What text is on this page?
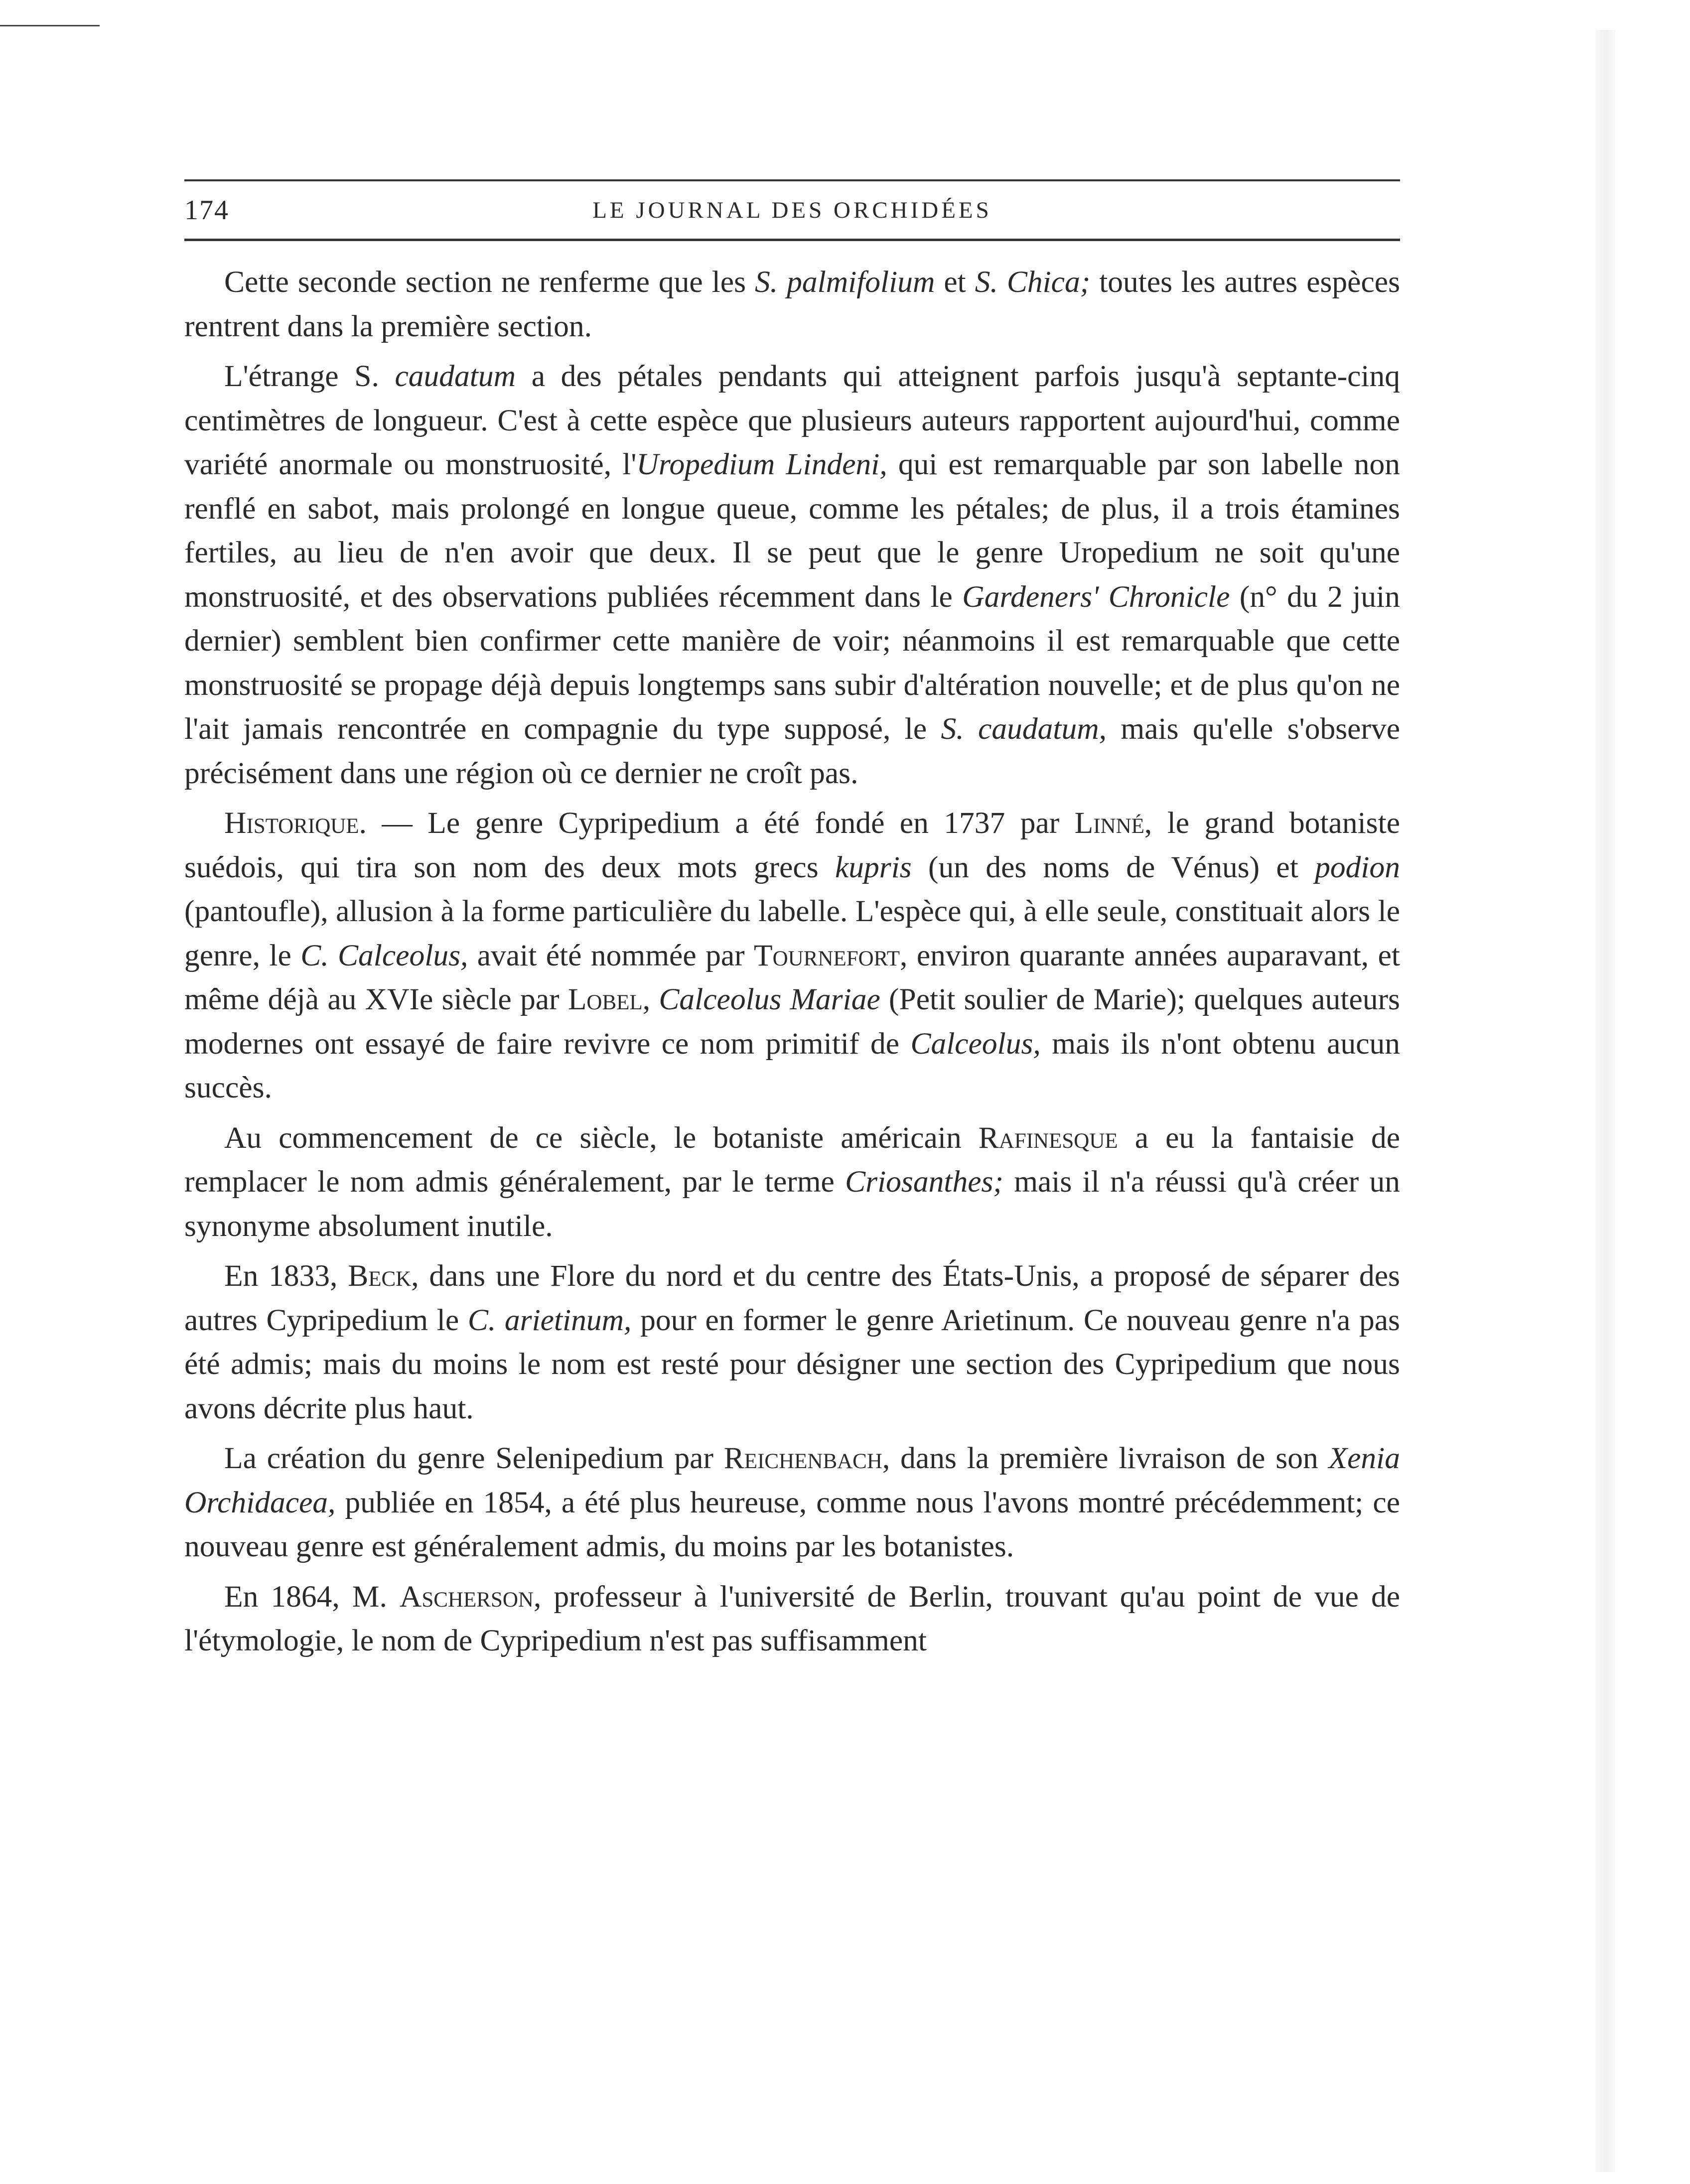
174	LE JOURNAL DES ORCHIDÉES

Cette seconde section ne renferme que les S. palmifolium et S. Chica; toutes les autres espèces rentrent dans la première section.

L'étrange S. caudatum a des pétales pendants qui atteignent parfois jusqu'à septante-cinq centimètres de longueur. C'est à cette espèce que plusieurs auteurs rapportent aujourd'hui, comme variété anormale ou monstruosité, l'Uropedium Lindeni, qui est remarquable par son labelle non renflé en sabot, mais prolongé en longue queue, comme les pétales; de plus, il a trois étamines fertiles, au lieu de n'en avoir que deux. Il se peut que le genre Uropedium ne soit qu'une monstruosité, et des observations publiées récemment dans le Gardeners' Chronicle (n° du 2 juin dernier) semblent bien confirmer cette manière de voir; néanmoins il est remarquable que cette monstruosité se propage déjà depuis longtemps sans subir d'altération nouvelle; et de plus qu'on ne l'ait jamais rencontrée en compagnie du type supposé, le S. caudatum, mais qu'elle s'observe précisément dans une région où ce dernier ne croît pas.

Historique. — Le genre Cypripedium a été fondé en 1737 par Linné, le grand botaniste suédois, qui tira son nom des deux mots grecs kupris (un des noms de Vénus) et podion (pantoufle), allusion à la forme particulière du labelle. L'espèce qui, à elle seule, constituait alors le genre, le C. Calceolus, avait été nommée par Tournefort, environ quarante années auparavant, et même déjà au XVIe siècle par Lobel, Calceolus Mariae (Petit soulier de Marie); quelques auteurs modernes ont essayé de faire revivre ce nom primitif de Calceolus, mais ils n'ont obtenu aucun succès.

Au commencement de ce siècle, le botaniste américain Rafinesque a eu la fantaisie de remplacer le nom admis généralement, par le terme Criosanthes; mais il n'a réussi qu'à créer un synonyme absolument inutile.

En 1833, Beck, dans une Flore du nord et du centre des États-Unis, a proposé de séparer des autres Cypripedium le C. arietinum, pour en former le genre Arietinum. Ce nouveau genre n'a pas été admis; mais du moins le nom est resté pour désigner une section des Cypripedium que nous avons décrite plus haut.

La création du genre Selenipedium par Reichenbach, dans la première livraison de son Xenia Orchidacea, publiée en 1854, a été plus heureuse, comme nous l'avons montré précédemment; ce nouveau genre est généralement admis, du moins par les botanistes.

En 1864, M. Ascherson, professeur à l'université de Berlin, trouvant qu'au point de vue de l'étymologie, le nom de Cypripedium n'est pas suffisamment
